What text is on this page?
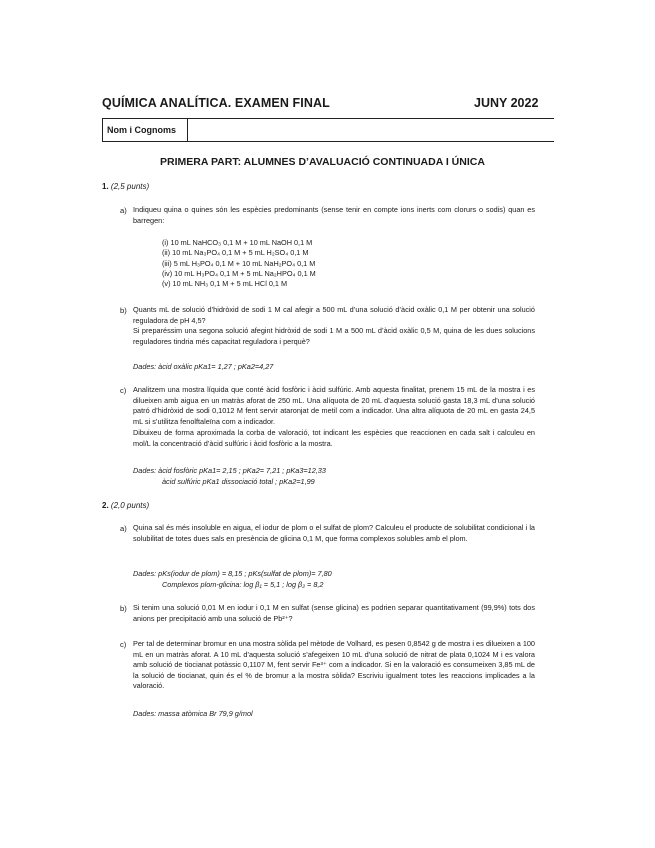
QUÍMICA ANALÍTICA. EXAMEN FINAL	JUNY 2022
Nom i Cognoms
PRIMERA PART: ALUMNES D’AVALUACIÓ CONTINUADA I ÚNICA
1. (2,5 punts)
a) Indiqueu quina o quines són les espècies predominants (sense tenir en compte ions inerts com clorurs o sodis) quan es barregen:
(i) 10 mL NaHCO₃ 0,1 M + 10 mL NaOH 0,1 M
(ii) 10 mL Na₃PO₄ 0,1 M + 5 mL H₂SO₄ 0,1 M
(iii) 5 mL H₃PO₄ 0,1 M + 10 mL NaH₂PO₄ 0,1 M
(iv) 10 mL H₃PO₄ 0,1 M + 5 mL Na₂HPO₄ 0,1 M
(v) 10 mL NH₃ 0,1 M + 5 mL HCl 0,1 M
b) Quants mL de solució d’hidròxid de sodi 1 M cal afegir a 500 mL d’una solució d’àcid oxàlic 0,1 M per obtenir una solució reguladora de pH 4,5?
Si preparéssim una segona solució afegint hidròxid de sodi 1 M a 500 mL d’àcid oxàlic 0,5 M, quina de les dues solucions reguladores tindria més capacitat reguladora i perquè?
Dades: àcid oxàlic pKa1= 1,27 ; pKa2=4,27
c) Analitzem una mostra líquida que conté àcid fosfòric i àcid sulfúric. Amb aquesta finalitat, prenem 15 mL de la mostra i es dilueixen amb aigua en un matràs aforat de 250 mL. Una alíquota de 20 mL d’aquesta solució gasta 18,3 mL d’una solució patró d’hidròxid de sodi 0,1012 M fent servir ataronjat de metil com a indicador. Una altra alíquota de 20 mL en gasta 24,5 mL si s’utilitza fenolftaleïna com a indicador.
Dibuixeu de forma aproximada la corba de valoració, tot indicant les espècies que reaccionen en cada salt i calculeu en mol/L la concentració d’àcid sulfúric i àcid fosfòric a la mostra.
Dades: àcid fosfòric pKa1= 2,15 ; pKa2= 7,21 ; pKa3=12,33
àcid sulfúric pKa1 dissociació total ; pKa2=1,99
2. (2,0 punts)
a) Quina sal és més insoluble en aigua, el iodur de plom o el sulfat de plom? Calculeu el producte de solubilitat condicional i la solubilitat de totes dues sals en presència de glicina 0,1 M, que forma complexos solubles amb el plom.
Dades: pKs(iodur de plom) = 8,15 ; pKs(sulfat de plom)= 7,80
Complexos plom-glicina: log β₁ = 5,1 ; log β₂ = 8,2
b) Si tenim una solució 0,01 M en iodur i 0,1 M en sulfat (sense glicina) es podrien separar quantitativament (99,9%) tots dos anions per precipitació amb una solució de Pb²⁺?
c) Per tal de determinar bromur en una mostra sòlida pel mètode de Volhard, es pesen 0,8542 g de mostra i es dilueixen a 100 mL en un matràs aforat. A 10 mL d’aquesta solució s’afegeixen 10 mL d’una solució de nitrat de plata 0,1024 M i es valora amb solució de tiocianat potàssic 0,1107 M, fent servir Fe³⁺ com a indicador. Si en la valoració es consumeixen 3,85 mL de la solució de tiocianat, quin és el % de bromur a la mostra sòlida? Escriviu igualment totes les reaccions implicades a la valoració.
Dades: massa atòmica Br 79,9 g/mol
